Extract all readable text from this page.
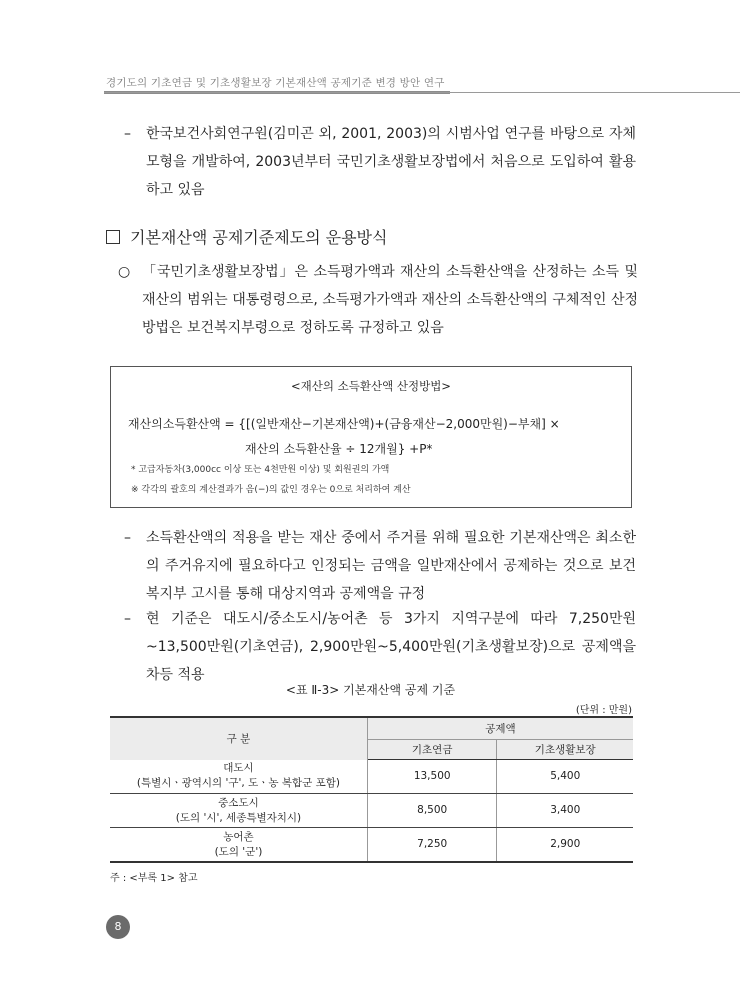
경기도의 기초연금 및 기초생활보장 기본재산액 공제기준 변경 방안 연구
– 한국보건사회연구원(김미곤 외, 2001, 2003)의 시범사업 연구를 바탕으로 자체 모형을 개발하여, 2003년부터 국민기초생활보장법에서 처음으로 도입하여 활용하고 있음
기본재산액 공제기준제도의 운용방식
○ 「국민기초생활보장법」은 소득평가액과 재산의 소득환산액을 산정하는 소득 및 재산의 범위는 대통령령으로, 소득평가가액과 재산의 소득환산액의 구체적인 산정방법은 보건복지부령으로 정하도록 규정하고 있음
<재산의 소득환산액 산정방법>
재산의소득환산액 = {[(일반재산−기본재산액)+(금융재산−2,000만원)−부채] ×
재산의 소득환산율 ÷ 12개월} +P*
* 고급자동차(3,000cc 이상 또는 4천만원 이상) 및 회원권의 가액
※ 각각의 괄호의 계산결과가 음(−)의 값인 경우는 0으로 처리하여 계산
– 소득환산액의 적용을 받는 재산 중에서 주거를 위해 필요한 기본재산액은 최소한의 주거유지에 필요하다고 인정되는 금액을 일반재산에서 공제하는 것으로 보건복지부 고시를 통해 대상지역과 공제액을 규정
– 현 기준은 대도시/중소도시/농어촌 등 3가지 지역구분에 따라 7,250만원~13,500만원(기초연금), 2,900만원~5,400만원(기초생활보장)으로 공제액을 차등 적용
<표 Ⅱ-3> 기본재산액 공제 기준
(단위 : 만원)
구 분	공제액	
	기초연금	기초생활보장

대도시
(특별시ㆍ광역시의 '구', 도ㆍ농 복합군 포함)	13,500	5,400

중소도시
(도의 '시', 세종특별자치시)	8,500	3,400

농어촌
(도의 '군')	7,250	2,900
주 : <부록 1> 참고
8
